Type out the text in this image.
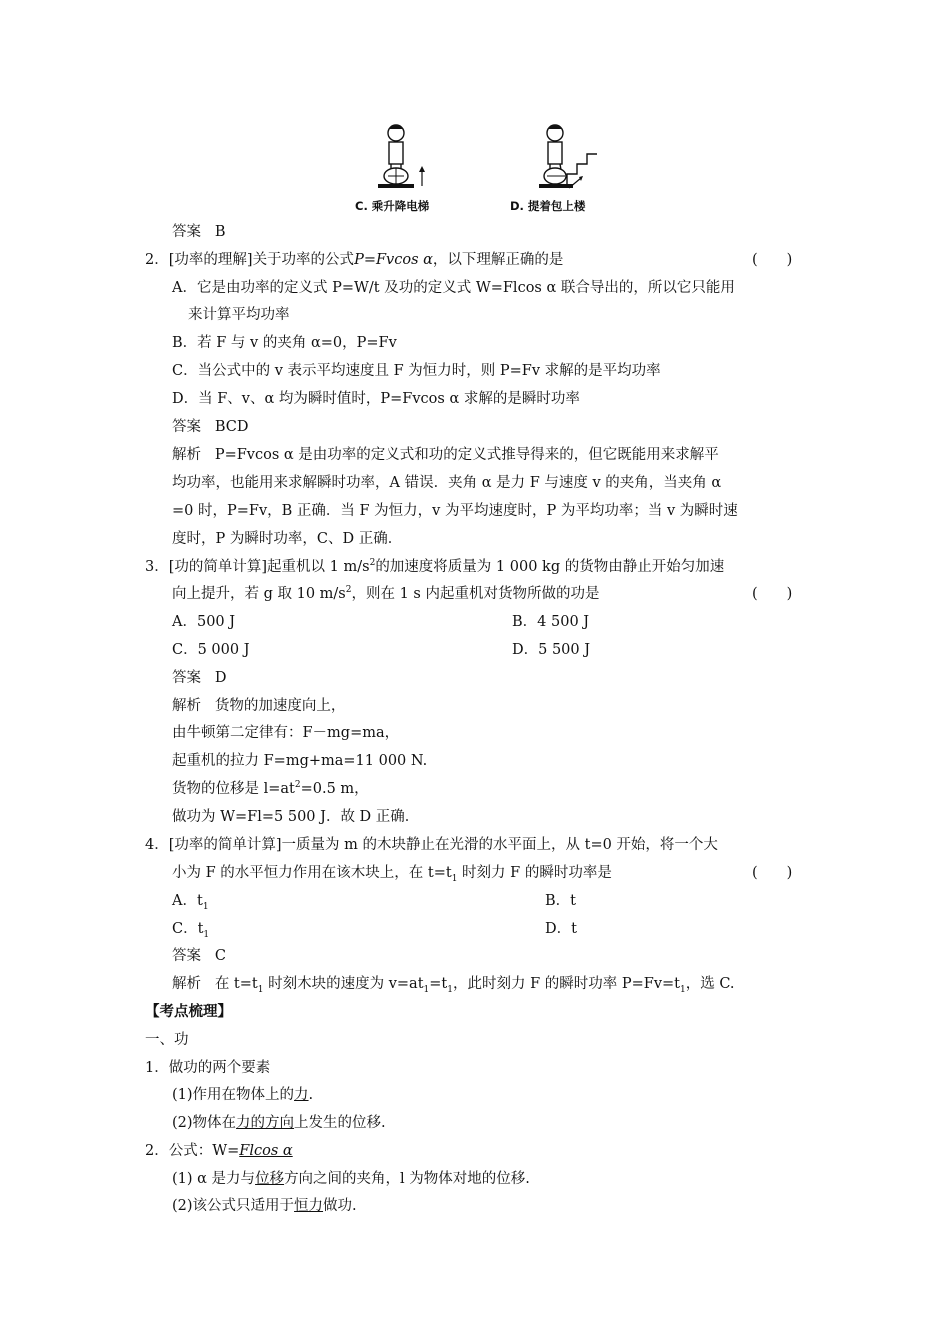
C. 乘升降电梯	D. 提着包上楼
答案 B
2．[功率的理解]关于功率的公式P=Fvcos α，以下理解正确的是	(　　)
A．它是由功率的定义式 P=W/t 及功的定义式 W=Flcos α 联合导出的，所以它只能用
来计算平均功率
B．若 F 与 v 的夹角 α=0，P=Fv
C．当公式中的 v 表示平均速度且 F 为恒力时，则 P=Fv 求解的是平均功率
D．当 F、v、α 均为瞬时值时，P=Fvcos α 求解的是瞬时功率
答案 BCD
解析 P=Fvcos α 是由功率的定义式和功的定义式推导得来的，但它既能用来求解平
均功率，也能用来求解瞬时功率，A 错误．夹角 α 是力 F 与速度 v 的夹角，当夹角 α
=0 时，P=Fv，B 正确．当 F 为恒力，v 为平均速度时，P 为平均功率；当 v 为瞬时速
度时，P 为瞬时功率，C、D 正确．
3．[功的简单计算]起重机以 1 $m/s^2$的加速度将质量为 1 000 kg 的货物由静止开始匀加速
向上提升，若 g 取 10 $m/s^2$，则在 1 s 内起重机对货物所做的功是	(　　)
A．500 J	B．4 500 J
C．5 000 J	D．5 500 J
答案 D
解析 货物的加速度向上，
由牛顿第二定律有：F－mg=ma，
起重机的拉力 F=mg+ma=11 000 N.
货物的位移是 $l=at^2=0.5$ m，
做功为 W=Fl=5 500 J．故 D 正确．
4．[功率的简单计算]一质量为 m 的木块静止在光滑的水平面上，从 t=0 开始，将一个大
小为 F 的水平恒力作用在该木块上，在 $t=t_1$ 时刻力 F 的瞬时功率是	(　　)
A．$t_1$	B．t
C．$t_1$	D．t
答案 C
解析 在 $t=t_1$ 时刻木块的速度为 $v=at_1=t_1$，此时刻力 F 的瞬时功率 $P=Fv=t_1$，选 C.
【考点梳理】
一、功
1．做功的两个要素
(1)作用在物体上的力.
(2)物体在力的方向上发生的位移.
2．公式：W=Flcos α
(1) α 是力与位移方向之间的夹角，l 为物体对地的位移.
(2)该公式只适用于恒力做功.
